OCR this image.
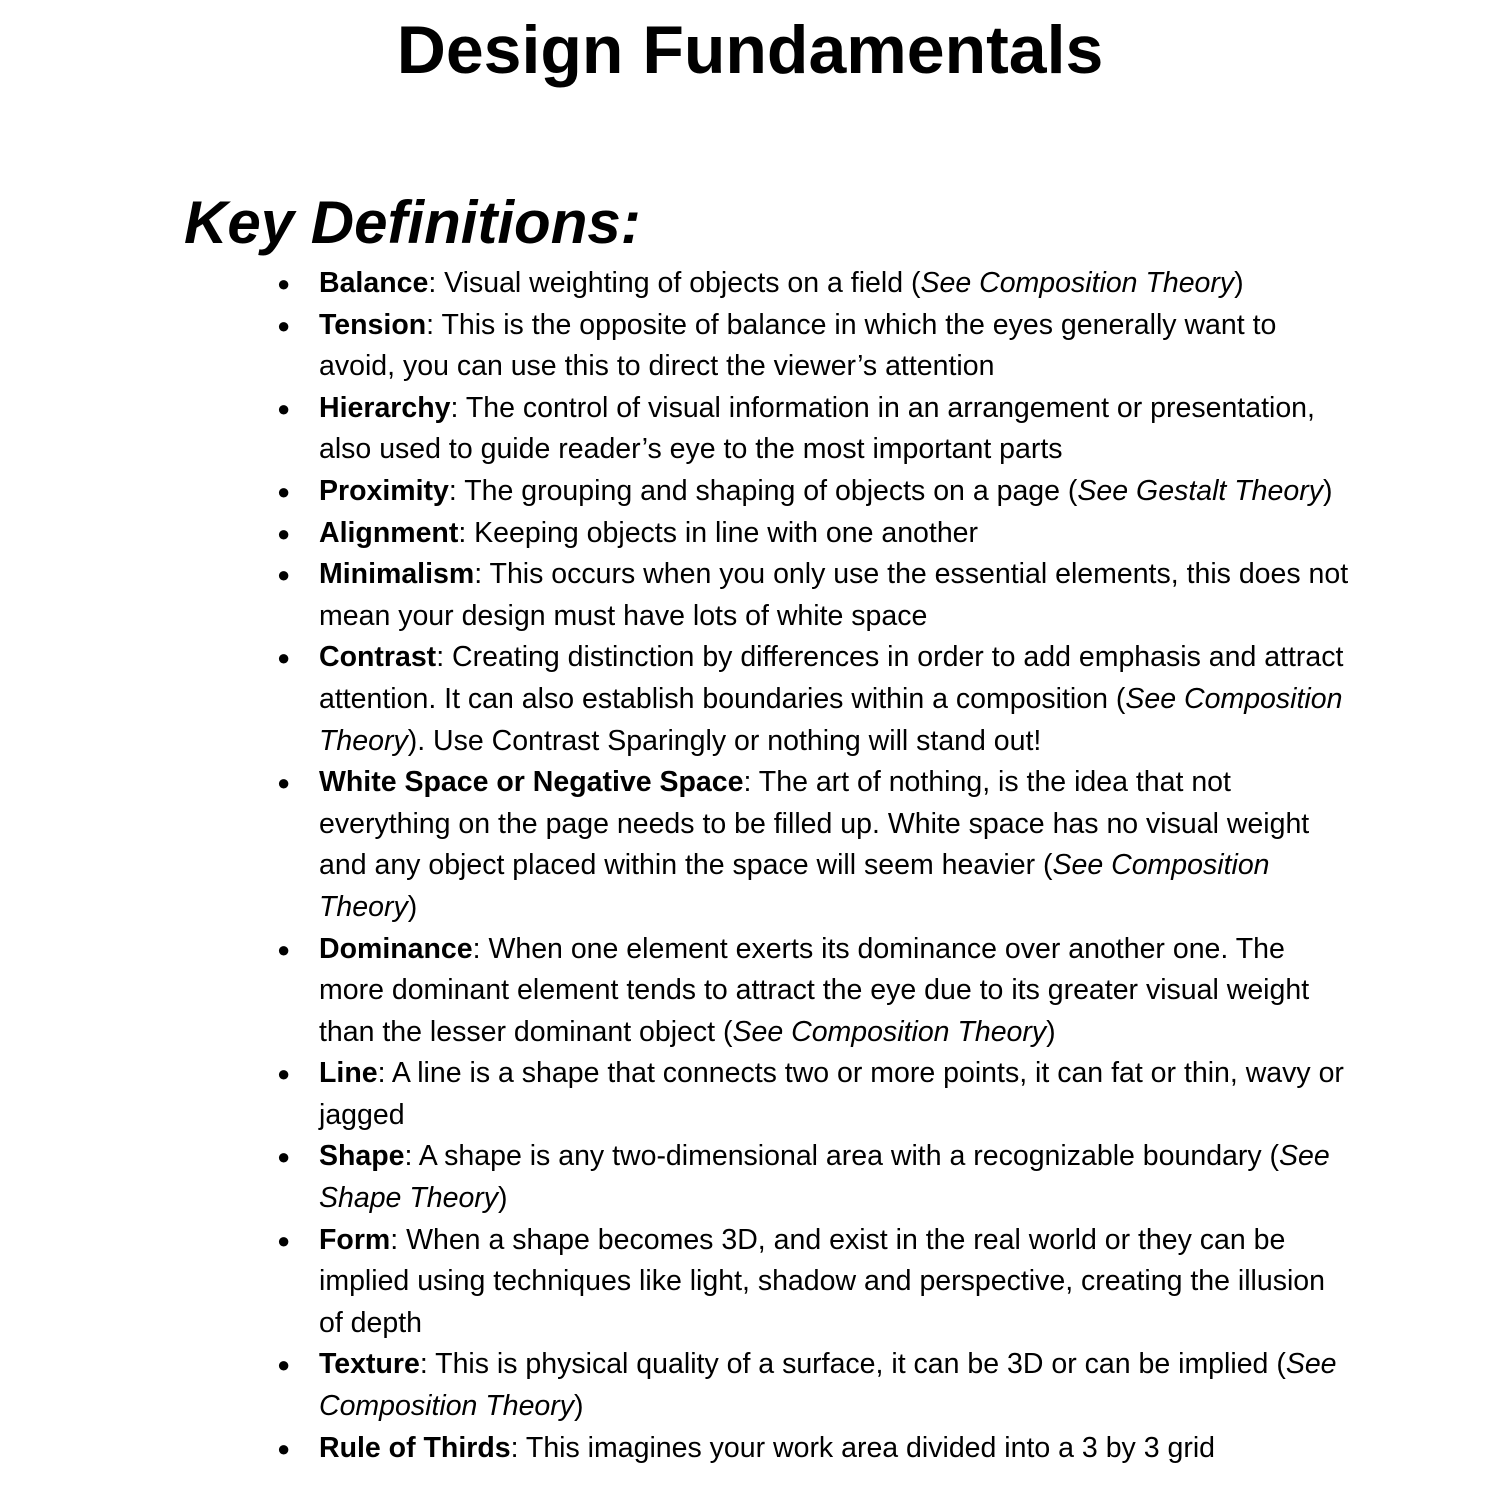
Design Fundamentals
Key Definitions:
● Balance: Visual weighting of objects on a field (See Composition Theory)
● Tension: This is the opposite of balance in which the eyes generally want to avoid, you can use this to direct the viewer’s attention
● Hierarchy: The control of visual information in an arrangement or presentation, also used to guide reader’s eye to the most important parts
● Proximity: The grouping and shaping of objects on a page (See Gestalt Theory)
● Alignment: Keeping objects in line with one another
● Minimalism: This occurs when you only use the essential elements, this does not mean your design must have lots of white space
● Contrast: Creating distinction by differences in order to add emphasis and attract attention. It can also establish boundaries within a composition (See Composition Theory). Use Contrast Sparingly or nothing will stand out!
● White Space or Negative Space: The art of nothing, is the idea that not everything on the page needs to be filled up. White space has no visual weight and any object placed within the space will seem heavier (See Composition Theory)
● Dominance: When one element exerts its dominance over another one. The more dominant element tends to attract the eye due to its greater visual weight than the lesser dominant object (See Composition Theory)
● Line: A line is a shape that connects two or more points, it can fat or thin, wavy or jagged
● Shape: A shape is any two-dimensional area with a recognizable boundary (See Shape Theory)
● Form: When a shape becomes 3D, and exist in the real world or they can be implied using techniques like light, shadow and perspective, creating the illusion of depth
● Texture: This is physical quality of a surface, it can be 3D or can be implied (See Composition Theory)
● Rule of Thirds: This imagines your work area divided into a 3 by 3 grid
